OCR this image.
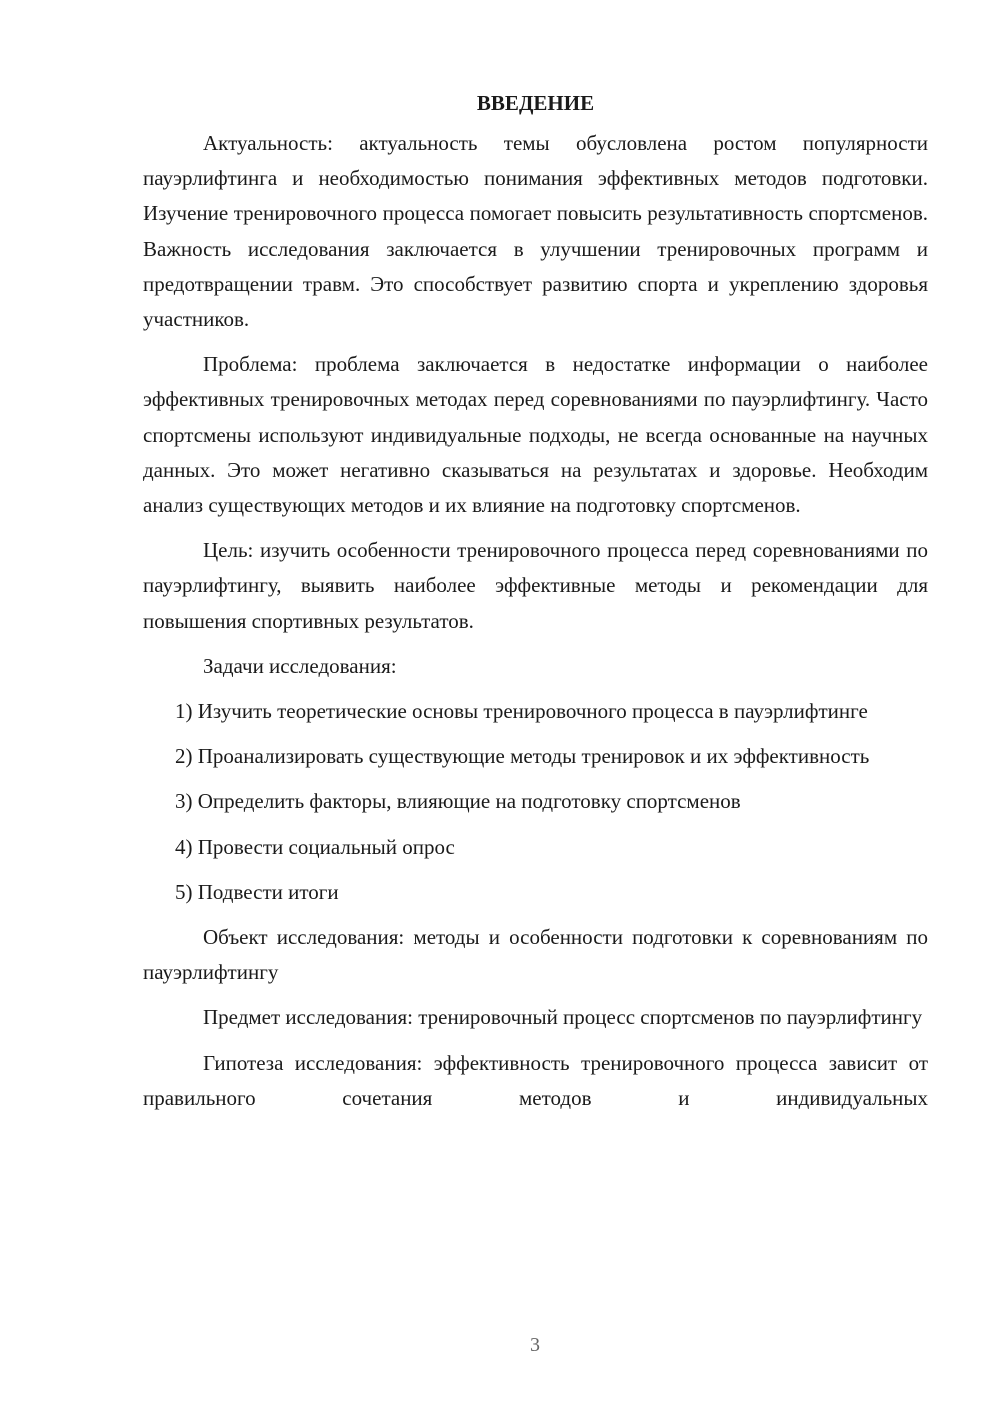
ВВЕДЕНИЕ

Актуальность: актуальность темы обусловлена ростом популярности пауэрлифтинга и необходимостью понимания эффективных методов подготовки. Изучение тренировочного процесса помогает повысить результативность спортсменов. Важность исследования заключается в улучшении тренировочных программ и предотвращении травм. Это способствует развитию спорта и укреплению здоровья участников.

Проблема: проблема заключается в недостатке информации о наиболее эффективных тренировочных методах перед соревнованиями по пауэрлифтингу. Часто спортсмены используют индивидуальные подходы, не всегда основанные на научных данных. Это может негативно сказываться на результатах и здоровье. Необходим анализ существующих методов и их влияние на подготовку спортсменов.

Цель: изучить особенности тренировочного процесса перед соревнованиями по пауэрлифтингу, выявить наиболее эффективные методы и рекомендации для повышения спортивных результатов.

Задачи исследования:

1) Изучить теоретические основы тренировочного процесса в пауэрлифтинге

2) Проанализировать существующие методы тренировок и их эффективность

3) Определить факторы, влияющие на подготовку спортсменов

4) Провести социальный опрос

5) Подвести итоги

Объект исследования: методы и особенности подготовки к соревнованиям по пауэрлифтингу

Предмет исследования: тренировочный процесс спортсменов по пауэрлифтингу

Гипотеза исследования: эффективность тренировочного процесса зависит от правильного сочетания методов и индивидуальных

3
